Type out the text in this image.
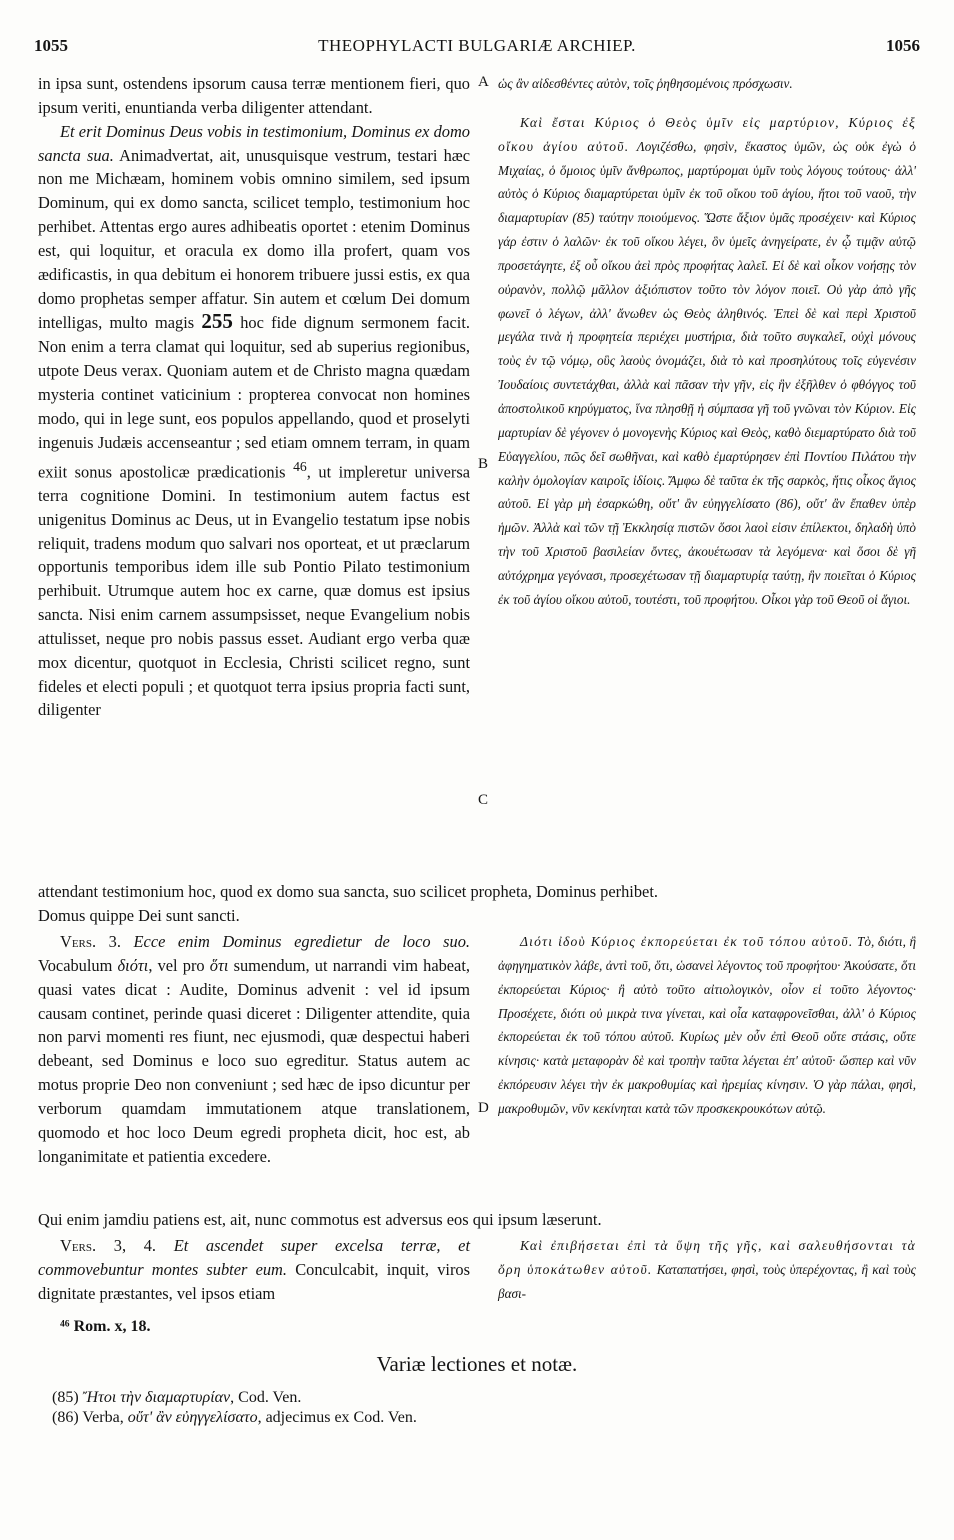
1055	THEOPHYLACTI BULGARIÆ ARCHIEP.	1056

in ipsa sunt, ostendens ipsorum causa terræ mentionem fieri, quo ipsum veriti, enuntianda verba diligenter attendant.

Et erit Dominus Deus vobis in testimonium, Dominus ex domo sancta sua. Animadvertat, ait, unusquisque vestrum, testari hæc non me Michæam, hominem vobis omnino similem, sed ipsum Dominum, qui ex domo sancta, scilicet templo, testimonium hoc perhibet. Attentas ergo aures adhibeatis oportet : etenim Dominus est, qui loquitur, et oracula ex domo illa profert, quam vos ædificastis, in qua debitum ei honorem tribuere jussi estis, ex qua domo prophetas semper affatur. Sin autem et cœlum Dei domum intelligas, multo magis 255 hoc fide dignum sermonem facit. Non enim a terra clamat qui loquitur, sed ab superius regionibus, utpote Deus verax. Quoniam autem et de Christo magna quædam mysteria continet vaticinium : propterea convocat non homines modo, qui in lege sunt, eos populos appellando, quod et proselyti ingenuis Judæis accenseantur ; sed etiam omnem terram, in quam exiit sonus apostolicæ prædicationis $^{46}$, ut impleretur universa terra cognitione Domini. In testimonium autem factus est unigenitus Dominus ac Deus, ut in Evangelio testatum ipse nobis reliquit, tradens modum quo salvari nos oporteat, et ut præclarum opportunis temporibus idem ille sub Pontio Pilato testimonium perhibuit. Utrumque autem hoc ex carne, quæ domus est ipsius sancta. Nisi enim carnem assumpsisset, neque Evangelium nobis attulisset, neque pro nobis passus esset. Audiant ergo verba quæ mox dicentur, quotquot in Ecclesia, Christi scilicet regno, sunt fideles et electi populi ; et quotquot terra ipsius propria facti sunt, diligenter

ὡς ἂν αἰδεσθέντες αὐτὸν, τοῖς ῥηθησομένοις πρόσχωσιν.

Καὶ ἔσται Κύριος ὁ Θεὸς ὑμῖν εἰς μαρτύριον, Κύριος ἐξ οἴκου ἁγίου αὐτοῦ. Λογιζέσθω, φησὶν, ἕκαστος ὑμῶν, ὡς οὐκ ἐγὼ ὁ Μιχαίας, ὁ ὅμοιος ὑμῖν ἄνθρωπος, μαρτύρομαι ὑμῖν τοὺς λόγους τούτους· ἀλλ' αὐτὸς ὁ Κύριος διαμαρτύρεται ὑμῖν ἐκ τοῦ οἴκου τοῦ ἁγίου, ἤτοι τοῦ ναοῦ, τὴν διαμαρτυρίαν (85) ταύτην ποιούμενος. Ὥστε ἄξιον ὑμᾶς προσέχειν· καὶ Κύριος γάρ ἐστιν ὁ λαλῶν· ἐκ τοῦ οἴκου λέγει, ὃν ὑμεῖς ἀνηγείρατε, ἐν ᾧ τιμᾷν αὐτῷ προσετάγητε, ἐξ οὗ οἴκου ἀεὶ πρὸς προφήτας λαλεῖ. Εἰ δὲ καὶ οἶκον νοήσῃς τὸν οὐρανὸν, πολλῷ μᾶλλον ἀξιόπιστον τοῦτο τὸν λόγον ποιεῖ. Οὐ γὰρ ἀπὸ γῆς φωνεῖ ὁ λέγων, ἀλλ' ἄνωθεν ὡς Θεὸς ἀληθινός. Ἐπεὶ δὲ καὶ περὶ Χριστοῦ μεγάλα τινὰ ἡ προφητεία περιέχει μυστήρια, διὰ τοῦτο συγκαλεῖ, οὐχὶ μόνους τοὺς ἐν τῷ νόμῳ, οὓς λαοὺς ὀνομάζει, διὰ τὸ καὶ προσηλύτους τοῖς εὐγενέσιν Ἰουδαίοις συντετάχθαι, ἀλλὰ καὶ πᾶσαν τὴν γῆν, εἰς ἣν ἐξῆλθεν ὁ φθόγγος τοῦ ἀποστολικοῦ κηρύγματος, ἵνα πλησθῇ ἡ σύμπασα γῆ τοῦ γνῶναι τὸν Κύριον. Εἰς μαρτυρίαν δὲ γέγονεν ὁ μονογενὴς Κύριος καὶ Θεὸς, καθὸ διεμαρτύρατο διὰ τοῦ Εὐαγγελίου, πῶς δεῖ σωθῆναι, καὶ καθὸ ἐμαρτύρησεν ἐπὶ Ποντίου Πιλάτου τὴν καλὴν ὁμολογίαν καιροῖς ἰδίοις. Ἄμφω δὲ ταῦτα ἐκ τῆς σαρκὸς, ἥτις οἶκος ἅγιος αὐτοῦ. Εἰ γὰρ μὴ ἐσαρκώθη, οὔτ' ἂν εὐηγγελίσατο (86), οὔτ' ἂν ἔπαθεν ὑπὲρ ἡμῶν. Ἀλλὰ καὶ τῶν τῇ Ἐκκλησίᾳ πιστῶν ὅσοι λαοὶ εἰσιν ἐπίλεκτοι, δηλαδὴ ὑπὸ τὴν τοῦ Χριστοῦ βασιλείαν ὄντες, ἀκουέτωσαν τὰ λεγόμενα· καὶ ὅσοι δὲ γῆ αὐτόχρημα γεγόνασι, προσεχέτωσαν τῇ διαμαρτυρίᾳ ταύτῃ, ἣν ποιεῖται ὁ Κύριος ἐκ τοῦ ἁγίου οἴκου αὐτοῦ, τουτέστι, τοῦ προφήτου. Οἶκοι γὰρ τοῦ Θεοῦ οἱ ἅγιοι.

A
B
C
attendant testimonium hoc, quod ex domo sua sancta, suo scilicet propheta, Dominus perhibet.
Domus quippe Dei sunt sancti.

Vers. 3. Ecce enim Dominus egredietur de loco suo. Vocabulum διότι, vel pro ὅτι sumendum, ut narrandi vim habeat, quasi vates dicat : Audite, Dominus advenit : vel id ipsum causam continet, perinde quasi diceret : Diligenter attendite, quia non parvi momenti res fiunt, nec ejusmodi, quæ despectui haberi debeant, sed Dominus e loco suo egreditur. Status autem ac motus proprie Deo non conveniunt ; sed hæc de ipso dicuntur per verborum quamdam immutationem atque translationem, quomodo et hoc loco Deum egredi propheta dicit, hoc est, ab longanimitate et patientia excedere.

Διότι ἰδοὺ Κύριος ἐκπορεύεται ἐκ τοῦ τόπου αὐτοῦ. Τὸ, διότι, ἢ ἀφηγηματικὸν λάβε, ἀντὶ τοῦ, ὅτι, ὡσανεὶ λέγοντος τοῦ προφήτου· Ἀκούσατε, ὅτι ἐκπορεύεται Κύριος· ἢ αὐτὸ τοῦτο αἰτιολογικὸν, οἷον εἰ τοῦτο λέγοντος· Προσέχετε, διότι οὐ μικρὰ τινα γίνεται, καὶ οἷα καταφρονεῖσθαι, ἀλλ' ὁ Κύριος ἐκπορεύεται ἐκ τοῦ τόπου αὐτοῦ. Κυρίως μὲν οὖν ἐπὶ Θεοῦ οὔτε στάσις, οὔτε κίνησις· κατὰ μεταφορὰν δὲ καὶ τροπὴν ταῦτα λέγεται ἐπ' αὐτοῦ· ὥσπερ καὶ νῦν ἐκπόρευσιν λέγει τὴν ἐκ μακροθυμίας καὶ ἠρεμίας κίνησιν. Ὁ γὰρ πάλαι, φησὶ, μακροθυμῶν, νῦν κεκίνηται κατὰ τῶν προσκεκρουκότων αὐτῷ.

D
Qui enim jamdiu patiens est, ait, nunc commotus est adversus eos qui ipsum læserunt.

Vers. 3, 4. Et ascendet super excelsa terræ, et commovebuntur montes subter eum. Conculcabit, inquit, viros dignitate præstantes, vel ipsos etiam

Καὶ ἐπιβήσεται ἐπὶ τὰ ὕψη τῆς γῆς, καὶ σαλευθήσονται τὰ ὄρη ὑποκάτωθεν αὐτοῦ. Καταπατήσει, φησὶ, τοὺς ὑπερέχοντας, ἢ καὶ τοὺς βασι-

⁴⁶ Rom. x, 18.
Variæ lectiones et notæ.

(85) Ἤτοι τὴν διαμαρτυρίαν, Cod. Ven.

(86) Verba, οὔτ' ἂν εὐηγγελίσατο, adjecimus ex Cod. Ven.
